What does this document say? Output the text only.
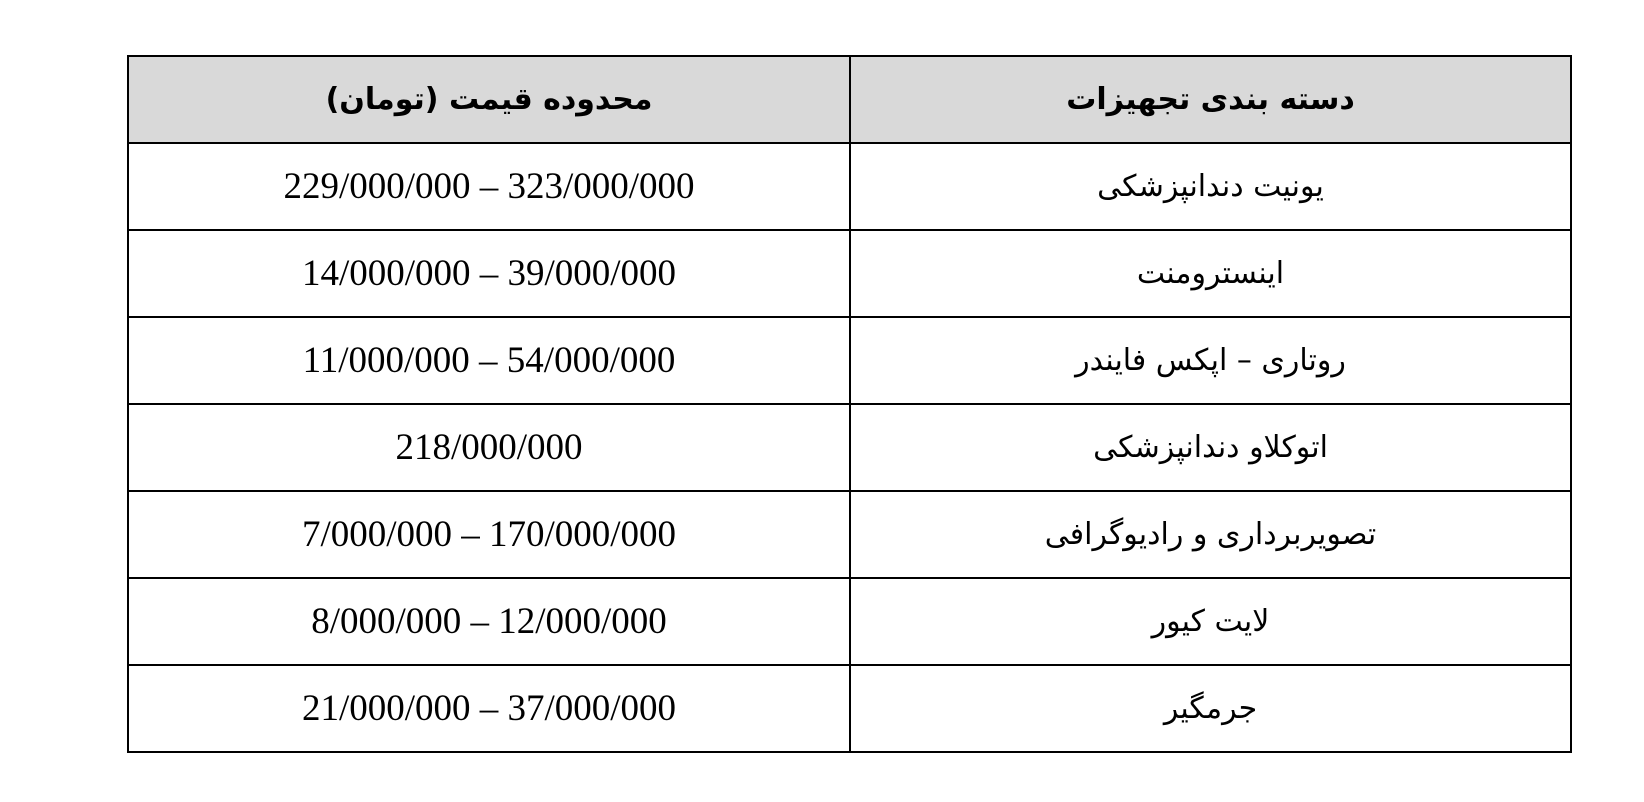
محدوده قیمت (تومان)	دسته بندی تجهیزات
229/000/000 – 323/000/000	یونیت دندانپزشکی
14/000/000 – 39/000/000	اینسترومنت
11/000/000 – 54/000/000	روتاری – اپکس فایندر
218/000/000	اتوکلاو دندانپزشکی
7/000/000 – 170/000/000	تصویربرداری و رادیوگرافی
8/000/000 – 12/000/000	لایت کیور
21/000/000 – 37/000/000	جرمگیر
